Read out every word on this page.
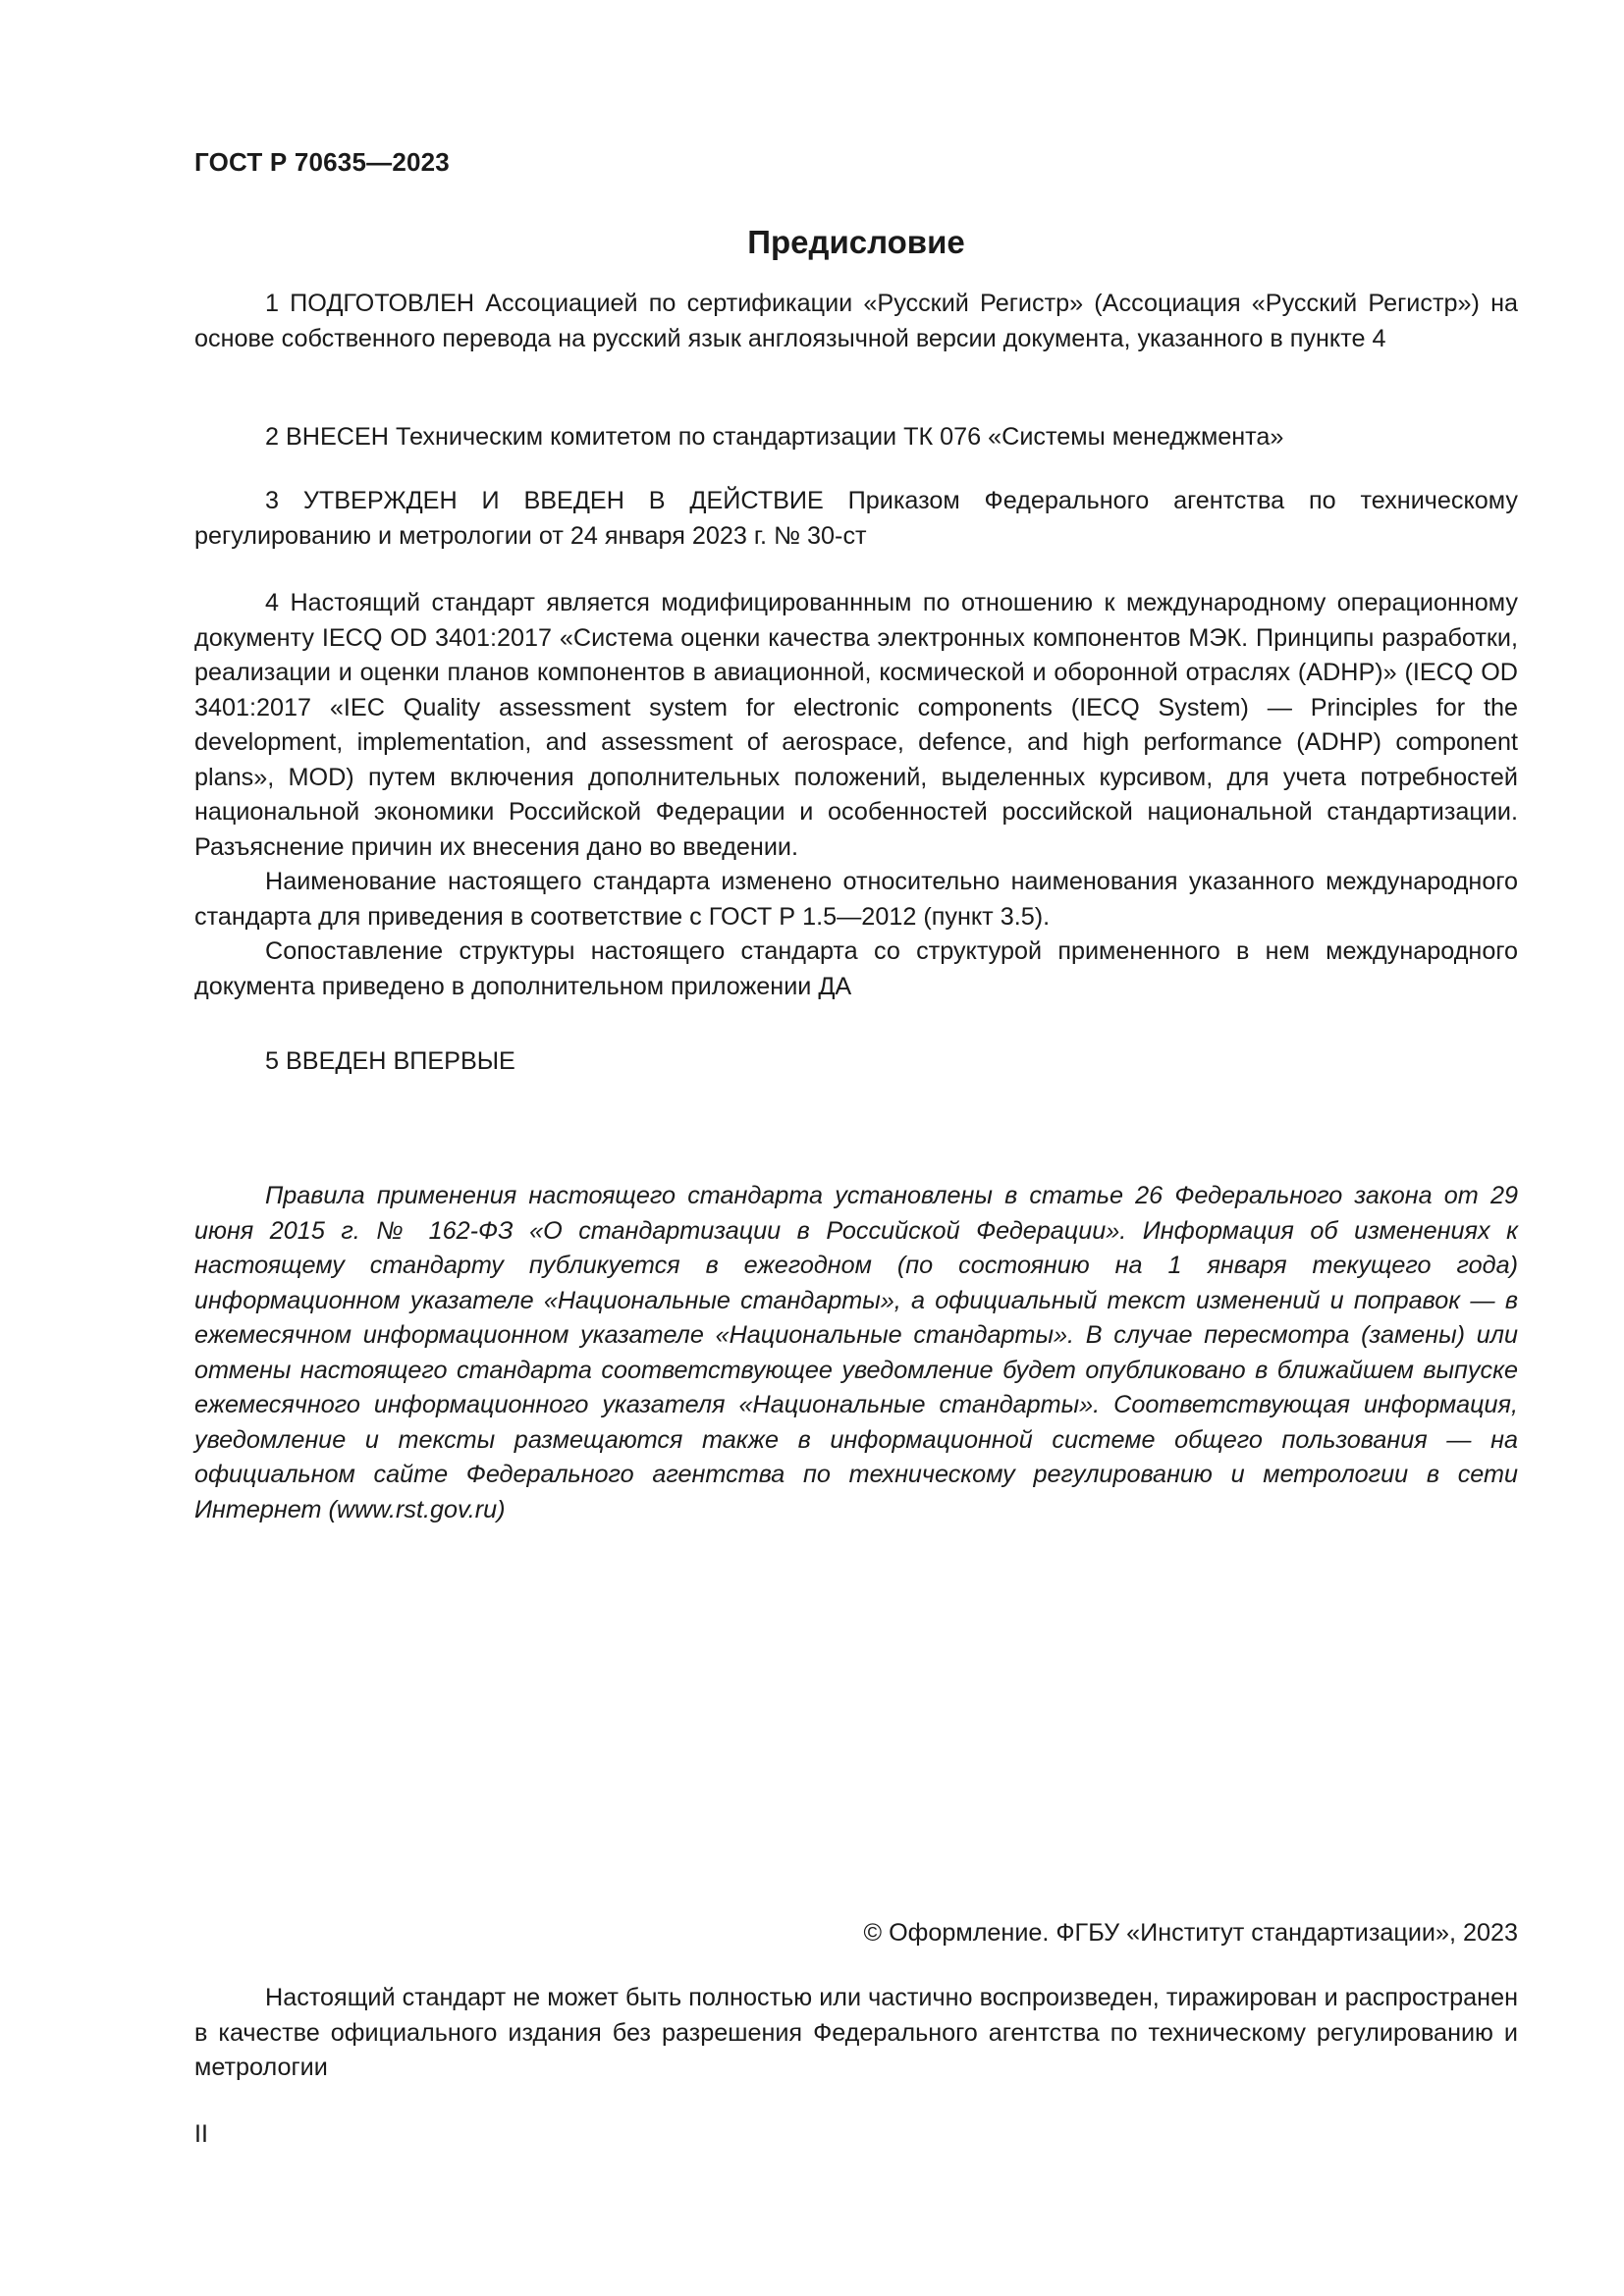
ГОСТ Р 70635—2023
Предисловие

1 ПОДГОТОВЛЕН Ассоциацией по сертификации «Русский Регистр» (Ассоциация «Русский Регистр») на основе собственного перевода на русский язык англоязычной версии документа, указанного в пункте 4

2 ВНЕСЕН Техническим комитетом по стандартизации ТК 076 «Системы менеджмента»

3 УТВЕРЖДЕН И ВВЕДЕН В ДЕЙСТВИЕ Приказом Федерального агентства по техническому регулированию и метрологии от 24 января 2023 г. № 30-ст

4 Настоящий стандарт является модифицированнным по отношению к международному операционному документу IECQ OD 3401:2017 «Система оценки качества электронных компонентов МЭК. Принципы разработки, реализации и оценки планов компонентов в авиационной, космической и оборонной отраслях (ADHP)» (IECQ OD 3401:2017 «IEC Quality assessment system for electronic components (IECQ System) — Principles for the development, implementation, and assessment of aerospace, defence, and high performance (ADHP) component plans», MOD) путем включения дополнительных положений, выделенных курсивом, для учета потребностей национальной экономики Российской Федерации и особенностей российской национальной стандартизации. Разъяснение причин их внесения дано во введении.

Наименование настоящего стандарта изменено относительно наименования указанного международного стандарта для приведения в соответствие с ГОСТ Р 1.5—2012 (пункт 3.5).

Сопоставление структуры настоящего стандарта со структурой примененного в нем международного документа приведено в дополнительном приложении ДА

5 ВВЕДЕН ВПЕРВЫЕ

Правила применения настоящего стандарта установлены в статье 26 Федерального закона от 29 июня 2015 г. № 162-ФЗ «О стандартизации в Российской Федерации». Информация об изменениях к настоящему стандарту публикуется в ежегодном (по состоянию на 1 января текущего года) информационном указателе «Национальные стандарты», а официальный текст изменений и поправок — в ежемесячном информационном указателе «Национальные стандарты». В случае пересмотра (замены) или отмены настоящего стандарта соответствующее уведомление будет опубликовано в ближайшем выпуске ежемесячного информационного указателя «Национальные стандарты». Соответствующая информация, уведомление и тексты размещаются также в информационной системе общего пользования — на официальном сайте Федерального агентства по техническому регулированию и метрологии в сети Интернет (www.rst.gov.ru)

© Оформление. ФГБУ «Институт стандартизации», 2023

Настоящий стандарт не может быть полностью или частично воспроизведен, тиражирован и распространен в качестве официального издания без разрешения Федерального агентства по техническому регулированию и метрологии

II
